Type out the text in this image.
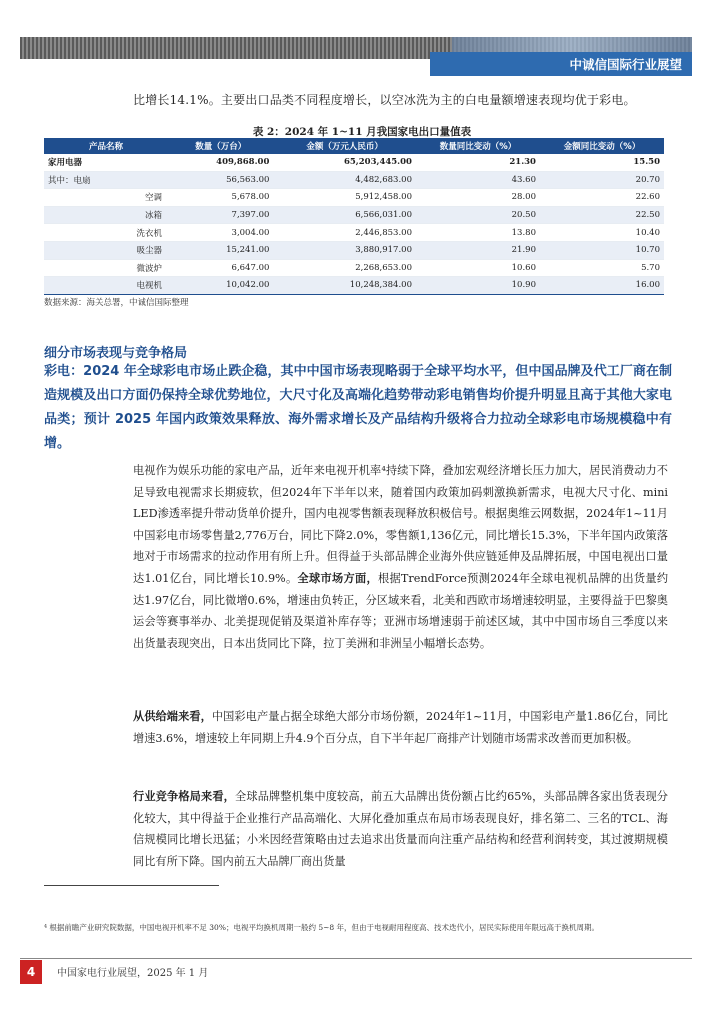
中诚信国际行业展望
比增长14.1%。主要出口品类不同程度增长，以空冰洗为主的白电量额增速表现均优于彩电。
表 2：2024 年 1~11 月我国家电出口量值表
产品名称	数量（万台）	金额（万元人民币）	数量同比变动（%）	金额同比变动（%）
家用电器	409,868.00	65,203,445.00	21.30	15.50
其中：电扇	56,563.00	4,482,683.00	43.60	20.70
空调	5,678.00	5,912,458.00	28.00	22.60
冰箱	7,397.00	6,566,031.00	20.50	22.50
洗衣机	3,004.00	2,446,853.00	13.80	10.40
吸尘器	15,241.00	3,880,917.00	21.90	10.70
微波炉	6,647.00	2,268,653.00	10.60	5.70
电视机	10,042.00	10,248,384.00	10.90	16.00
数据来源：海关总署，中诚信国际整理
细分市场表现与竞争格局
彩电：2024 年全球彩电市场止跌企稳，其中中国市场表现略弱于全球平均水平，但中国品牌及代工厂商在制造规模及出口方面仍保持全球优势地位，大尺寸化及高端化趋势带动彩电销售均价提升明显且高于其他大家电品类；预计 2025 年国内政策效果释放、海外需求增长及产品结构升级将合力拉动全球彩电市场规模稳中有增。
电视作为娱乐功能的家电产品，近年来电视开机率⁴持续下降，叠加宏观经济增长压力加大，居民消费动力不足导致电视需求长期疲软，但2024年下半年以来，随着国内政策加码刺激换新需求，电视大尺寸化、mini LED渗透率提升带动货单价提升，国内电视零售额表现释放积极信号。根据奥维云网数据，2024年1~11月中国彩电市场零售量2,776万台，同比下降2.0%，零售额1,136亿元，同比增长15.3%，下半年国内政策落地对于市场需求的拉动作用有所上升。但得益于头部品牌企业海外供应链延伸及品牌拓展，中国电视出口量达1.01亿台，同比增长10.9%。全球市场方面，根据TrendForce预测2024年全球电视机品牌的出货量约达1.97亿台，同比微增0.6%，增速由负转正，分区域来看，北美和西欧市场增速较明显，主要得益于巴黎奥运会等赛事举办、北美提现促销及渠道补库存等；亚洲市场增速弱于前述区域，其中中国市场自三季度以来出货量表现突出，日本出货同比下降，拉丁美洲和非洲呈小幅增长态势。
从供给端来看，中国彩电产量占据全球绝大部分市场份额，2024年1~11月，中国彩电产量1.86亿台，同比增速3.6%，增速较上年同期上升4.9个百分点，自下半年起厂商排产计划随市场需求改善而更加积极。
行业竞争格局来看，全球品牌整机集中度较高，前五大品牌出货份额占比约65%，头部品牌各家出货表现分化较大，其中得益于企业推行产品高端化、大屏化叠加重点布局市场表现良好，排名第二、三名的TCL、海信规模同比增长迅猛；小米因经营策略由过去追求出货量而向注重产品结构和经营利润转变，其过渡期规模同比有所下降。国内前五大品牌厂商出货量
⁴ 根据前瞻产业研究院数据，中国电视开机率不足 30%；电视平均换机周期一般约 5~8 年，但由于电视耐用程度高、技术迭代小，居民实际使用年限远高于换机周期。
4	中国家电行业展望，2025 年 1 月
